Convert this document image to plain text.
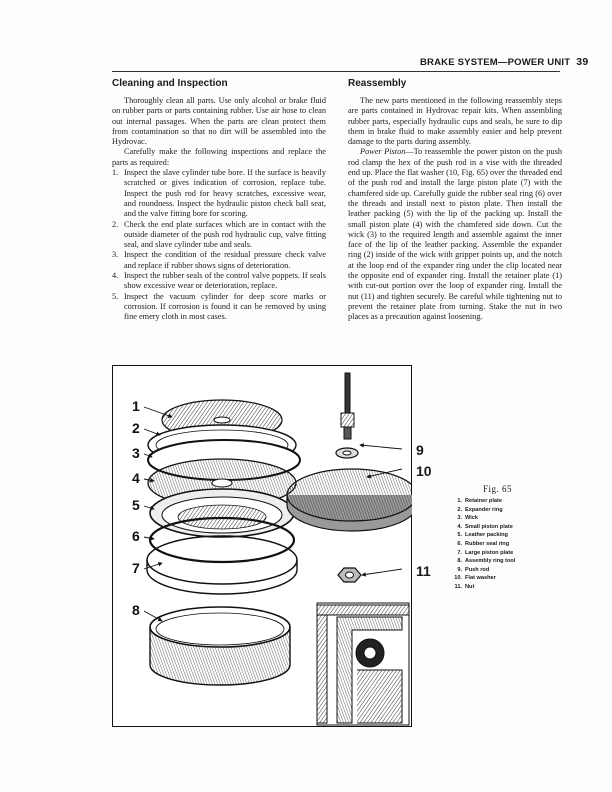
BRAKE SYSTEM—POWER UNIT 39
Cleaning and Inspection

Thoroughly clean all parts. Use only alcohol or brake fluid on rubber parts or parts containing rubber. Use air hose to clean out internal passages. When the parts are clean protect them from contamination so that no dirt will be assembled into the Hydrovac.

Carefully make the following inspections and replace the parts as required:

1. Inspect the slave cylinder tube bore. If the surface is heavily scratched or gives indication of corrosion, replace tube. Inspect the push rod for heavy scratches, excessive wear, and roundness. Inspect the hydraulic piston check ball seat, and the valve fitting bore for scoring.
2. Check the end plate surfaces which are in contact with the outside diameter of the push rod hydraulic cup, valve fitting seal, and slave cylinder tube and seals.
3. Inspect the condition of the residual pressure check valve and replace if rubber shows signs of deterioration.
4. Inspect the rubber seals of the control valve poppets. If seals show excessive wear or deterioration, replace.
5. Inspect the vacuum cylinder for deep score marks or corrosion. If corrosion is found it can be removed by using fine emery cloth in most cases.
Reassembly

The new parts mentioned in the following reassembly steps are parts contained in Hydrovac repair kits. When assembling rubber parts, especially hydraulic cups and seals, be sure to dip them in brake fluid to make assembly easier and help prevent damage to the parts during assembly.

Power Piston—To reassemble the power piston on the push rod clamp the hex of the push rod in a vise with the threaded end up. Place the flat washer (10, Fig. 65) over the threaded end of the push rod and install the large piston plate (7) with the chamfered side up. Carefully guide the rubber seal ring (6) over the threads and install next to piston plate. Then install the leather packing (5) with the lip of the packing up. Install the small piston plate (4) with the chamfered side down. Cut the wick (3) to the required length and assemble against the inner face of the lip of the leather packing. Assemble the expander ring (2) inside of the wick with gripper points up, and the notch at the loop end of the expander ring under the clip located near the opposite end of expander ring. Install the retainer plate (1) with cut-out portion over the loop of expander ring. Install the nut (11) and tighten securely. Be careful while tightening nut to prevent the retainer plate from turning. Stake the nut in two places as a precaution against loosening.

1
2
3
4
5
6
7
8
9
10
11
Fig. 65
1. Retainer plate
2. Expander ring
3. Wick
4. Small piston plate
5. Leather packing
6. Rubber seal ring
7. Large piston plate
8. Assembly ring tool
9. Push rod
10. Flat washer
11. Nut
